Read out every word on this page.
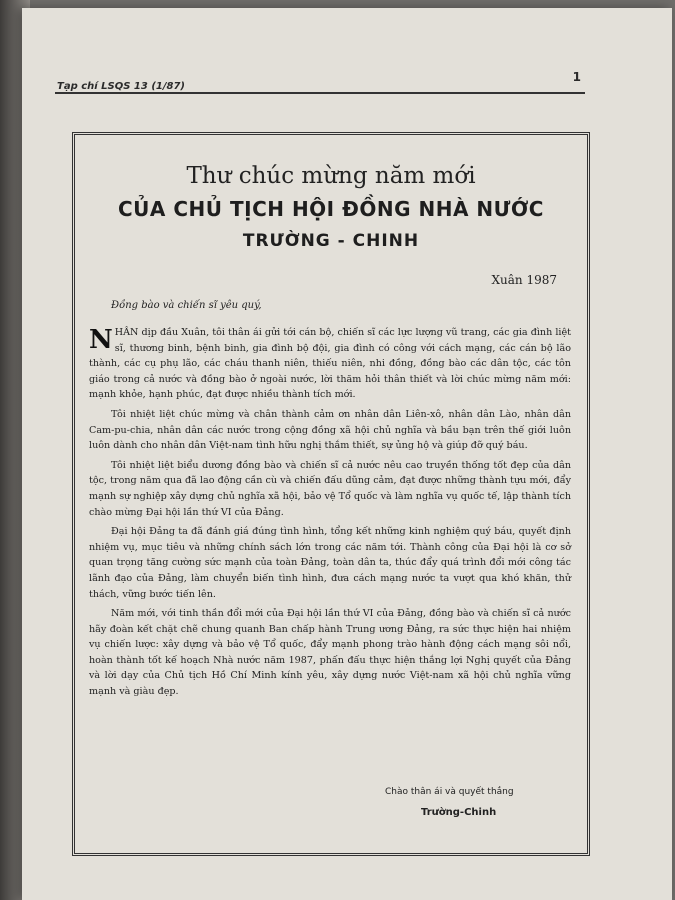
Tạp chí LSQS 13 (1/87)
1
Thư chúc mừng năm mới
CỦA CHỦ TỊCH HỘI ĐỒNG NHÀ NƯỚC
TRƯỜNG - CHINH
Xuân 1987
Đồng bào và chiến sĩ yêu quý,

NHÂN dịp đầu Xuân, tôi thân ái gửi tới cán bộ, chiến sĩ các lực lượng vũ trang, các gia đình liệt sĩ, thương binh, bệnh binh, gia đình bộ đội, gia đình có công với cách mạng, các cán bộ lão thành, các cụ phụ lão, các cháu thanh niên, thiếu niên, nhi đồng, đồng bào các dân tộc, các tôn giáo trong cả nước và đồng bào ở ngoài nước, lời thăm hỏi thân thiết và lời chúc mừng năm mới: mạnh khỏe, hạnh phúc, đạt được nhiều thành tích mới.

Tôi nhiệt liệt chúc mừng và chân thành cảm ơn nhân dân Liên-xô, nhân dân Lào, nhân dân Cam-pu-chia, nhân dân các nước trong cộng đồng xã hội chủ nghĩa và bầu bạn trên thế giới luôn luôn dành cho nhân dân Việt-nam tình hữu nghị thắm thiết, sự ủng hộ và giúp đỡ quý báu.

Tôi nhiệt liệt biểu dương đồng bào và chiến sĩ cả nước nêu cao truyền thống tốt đẹp của dân tộc, trong năm qua đã lao động cần cù và chiến đấu dũng cảm, đạt được những thành tựu mới, đẩy mạnh sự nghiệp xây dựng chủ nghĩa xã hội, bảo vệ Tổ quốc và làm nghĩa vụ quốc tế, lập thành tích chào mừng Đại hội lần thứ VI của Đảng.

Đại hội Đảng ta đã đánh giá đúng tình hình, tổng kết những kinh nghiệm quý báu, quyết định nhiệm vụ, mục tiêu và những chính sách lớn trong các năm tới. Thành công của Đại hội là cơ sở quan trọng tăng cường sức mạnh của toàn Đảng, toàn dân ta, thúc đẩy quá trình đổi mới công tác lãnh đạo của Đảng, làm chuyển biến tình hình, đưa cách mạng nước ta vượt qua khó khăn, thử thách, vững bước tiến lên.

Năm mới, với tinh thần đổi mới của Đại hội lần thứ VI của Đảng, đồng bào và chiến sĩ cả nước hãy đoàn kết chặt chẽ chung quanh Ban chấp hành Trung ương Đảng, ra sức thực hiện hai nhiệm vụ chiến lược: xây dựng và bảo vệ Tổ quốc, đẩy mạnh phong trào hành động cách mạng sôi nổi, hoàn thành tốt kế hoạch Nhà nước năm 1987, phấn đấu thực hiện thắng lợi Nghị quyết của Đảng và lời dạy của Chủ tịch Hồ Chí Minh kính yêu, xây dựng nước Việt-nam xã hội chủ nghĩa vững mạnh và giàu đẹp.

Chào thân ái và quyết thắng
Trường-Chinh
